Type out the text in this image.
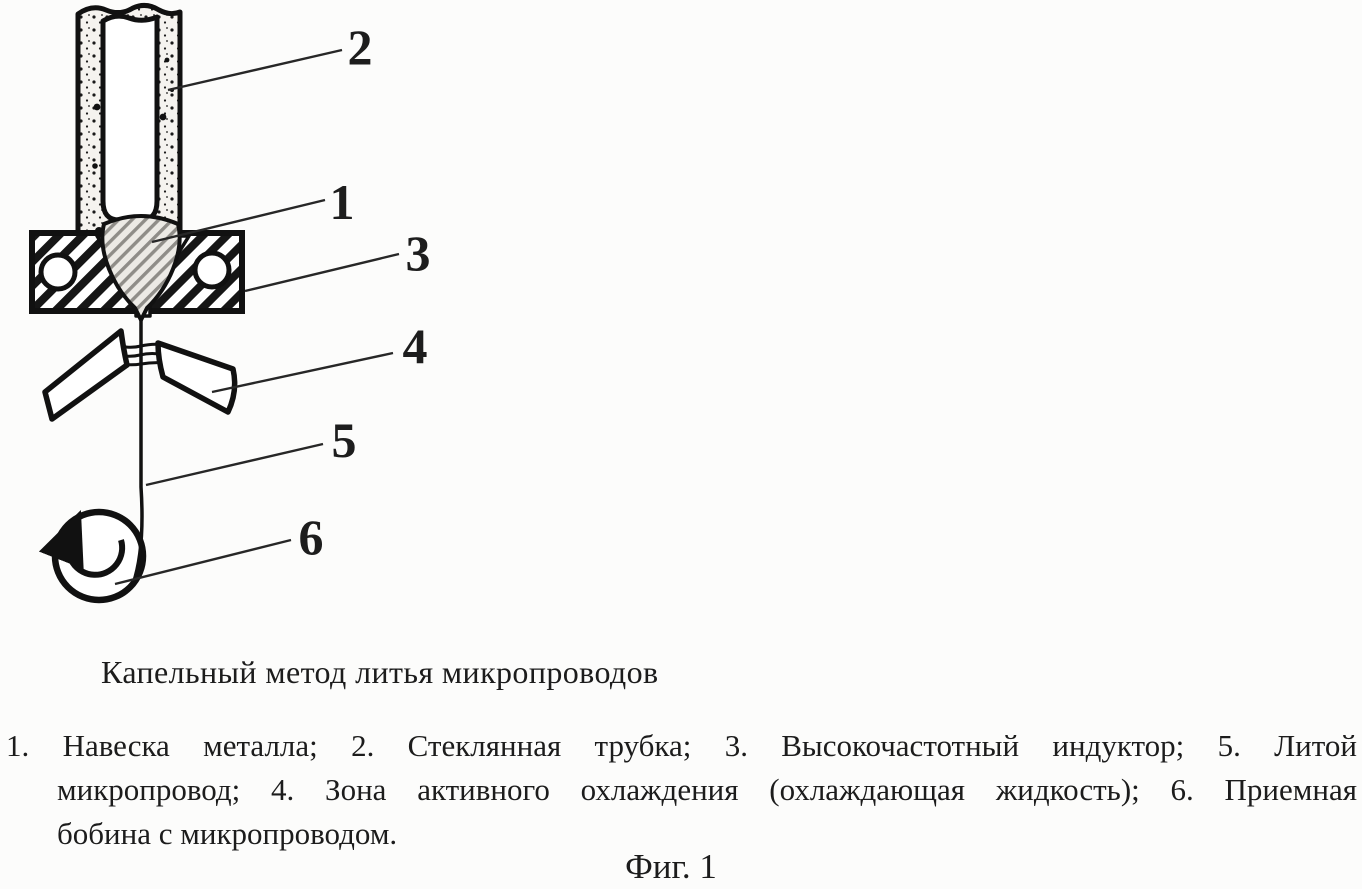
2
1
3
4
5
6
Капельный метод литья микропроводов
1. Навеска металла; 2. Стеклянная трубка; 3. Высокочастотный индуктор; 5. Литой
микропровод; 4. Зона активного охлаждения (охлаждающая жидкость); 6. Приемная
бобина с микропроводом.
Фиг. 1
